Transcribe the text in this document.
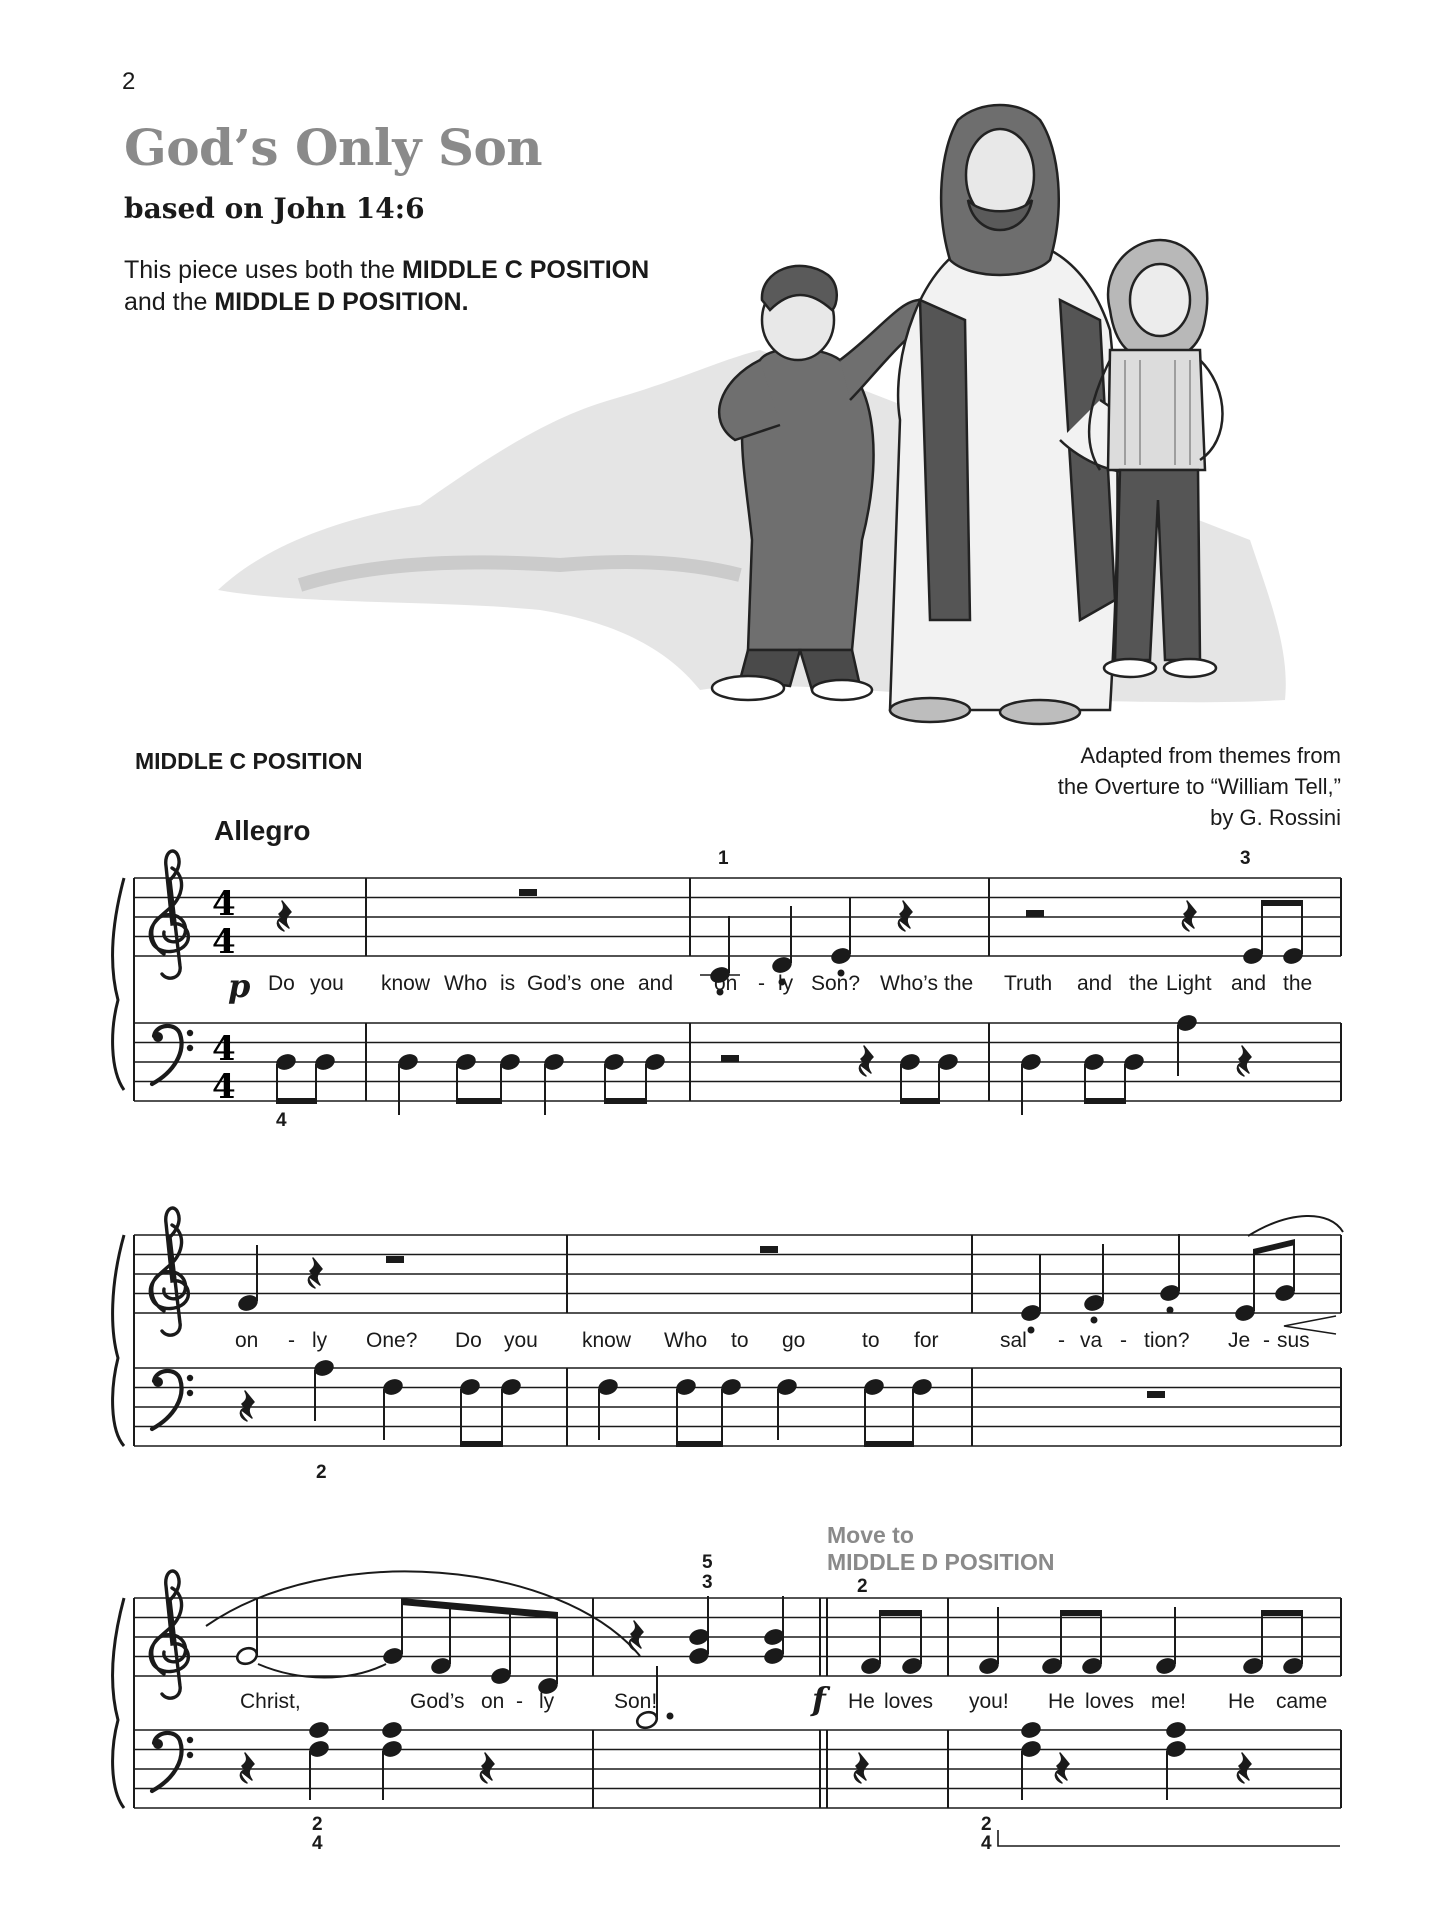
2
God’s Only Son
based on John 14:6
This piece uses both the MIDDLE C POSITION
and the MIDDLE D POSITION.
MIDDLE C POSITION	Adapted from themes from
the Overture to “William Tell,”
by G. Rossini
Allegro
Move to
MIDDLE D POSITION
4
4
4
4
1	3
4
p Do you know Who is God’s one and on - ly Son? Who’s the Truth and the Light and the
2
on - ly One? Do you know Who to go	to for	sal - va - tion? Je - sus
5
3	2
2
4
2
4
f
Christ,	God’s on - ly	Son!	He loves you! He loves me! He came
